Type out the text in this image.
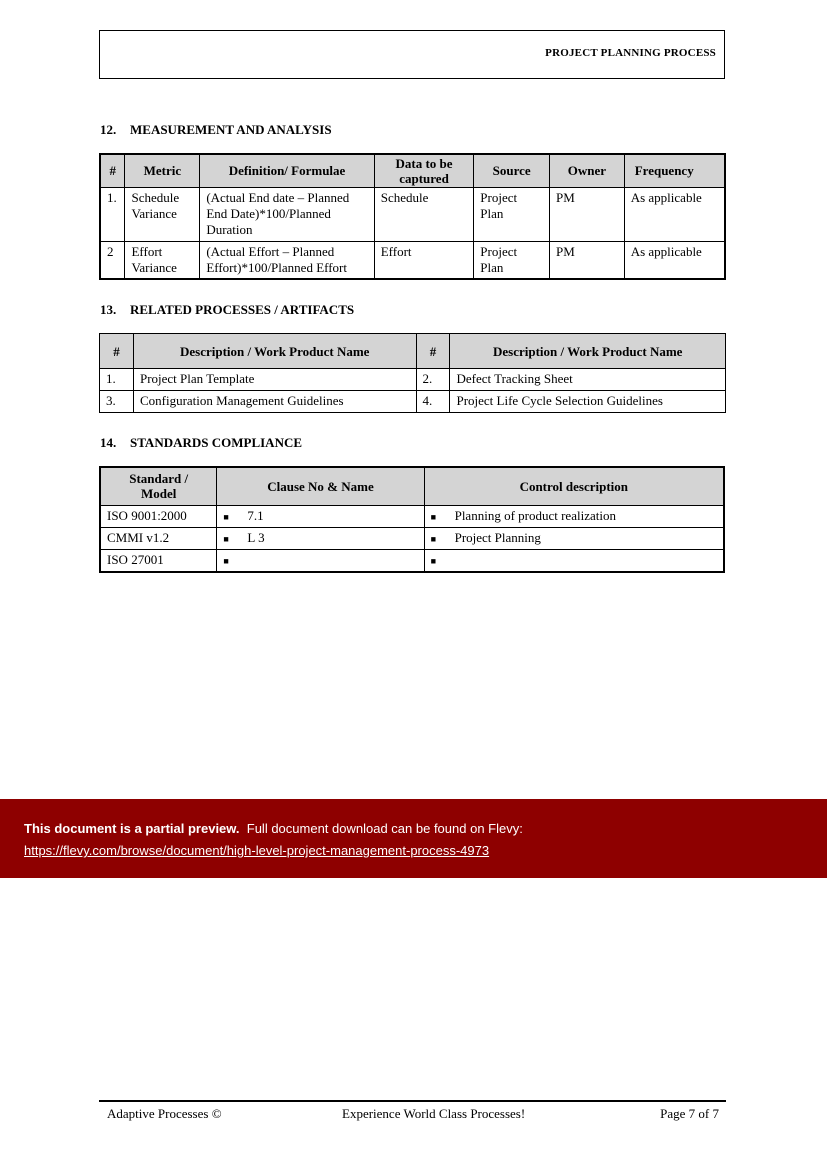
PROJECT PLANNING PROCESS
12. MEASUREMENT AND ANALYSIS
#	Metric	Definition/ Formulae	Data to be captured	Source	Owner	Frequency
1.	Schedule Variance	(Actual End date – Planned End Date)*100/Planned Duration	Schedule	Project Plan	PM	As applicable
2	Effort Variance	(Actual Effort – Planned Effort)*100/Planned Effort	Effort	Project Plan	PM	As applicable
13. RELATED PROCESSES / ARTIFACTS
#	Description / Work Product Name	#	Description / Work Product Name
1.	Project Plan Template	2.	Defect Tracking Sheet
3.	Configuration Management Guidelines	4.	Project Life Cycle Selection Guidelines
14. STANDARDS COMPLIANCE
Standard / Model	Clause No & Name	Control description
ISO 9001:2000	■ 7.1	■ Planning of product realization
CMMI v1.2	■ L 3	■ Project Planning
ISO 27001	■	■
This document is a partial preview. Full document download can be found on Flevy:
https://flevy.com/browse/document/high-level-project-management-process-4973
Adaptive Processes ©	Experience World Class Processes!	Page 7 of 7
